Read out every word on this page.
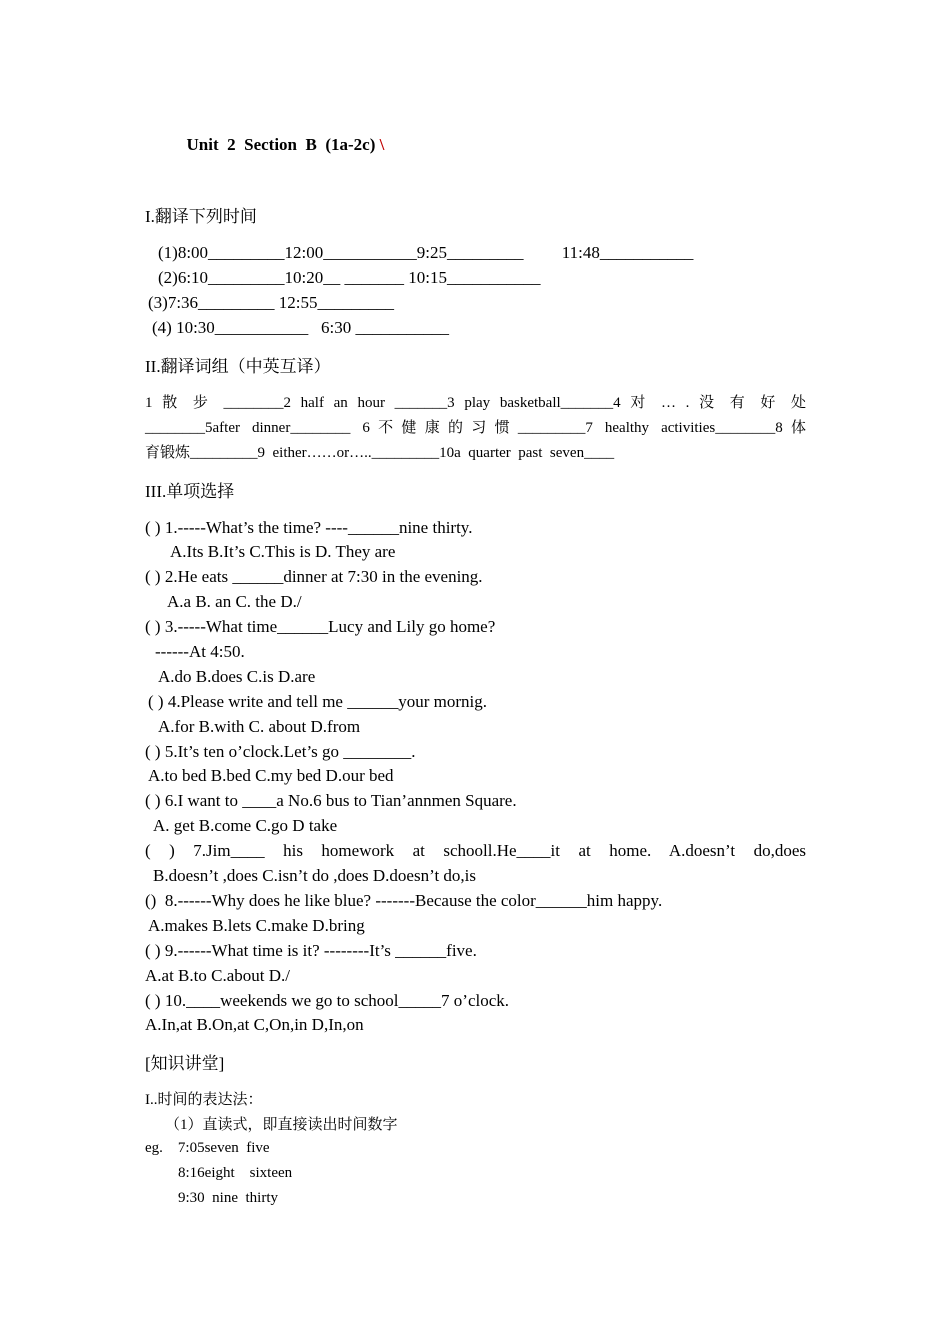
Unit  2  Section  B  (1a-2c) \

I.翻译下列时间
(1)8:00_________12:00___________9:25_________         11:48___________
(2)6:10_________10:20__ _______ 10:15___________
(3)7:36_________ 12:55_________
(4) 10:30___________   6:30 ___________
II.翻译词组（中英互译）
1 散 步 ________2 half an hour _______3 play basketball_______4 对 … . 没 有 好 处
________5after dinner________ 6不健康的习惯_________7 healthy activities________8体
育锻炼_________9  either……or….._________10a  quarter  past  seven____
III.单项选择
( ) 1.-----What’s the time? ----______nine thirty.
A.Its B.It’s C.This is D. They are
( ) 2.He eats ______dinner at 7:30 in the evening.
A.a B. an C. the D./
( ) 3.-----What time______Lucy and Lily go home?
------At 4:50.
A.do B.does C.is D.are
( ) 4.Please write and tell me ______your mornig.
A.for B.with C. about D.from
( ) 5.It’s ten o’clock.Let’s go ________.
A.to bed B.bed C.my bed D.our bed
( ) 6.I want to ____a No.6 bus to Tian’annmen Square.
A. get B.come C.go D take
( ) 7.Jim____ his homework at schooll.He____it at home. A.doesn’t do,does
B.doesn’t ,does C.isn’t do ,does D.doesn’t do,is
()  8.------Why does he like blue? -------Because the color______him happy.
A.makes B.lets C.make D.bring
( ) 9.------What time is it? --------It’s ______five.
A.at B.to C.about D./
( ) 10.____weekends we go to school_____7 o’clock.
A.In,at B.On,at C,On,in D,In,on
[知识讲堂]
I..时间的表达法：
（1）直读式，即直接读出时间数字
eg.    7:05seven  five
8:16eight    sixteen
9:30  nine  thirty
